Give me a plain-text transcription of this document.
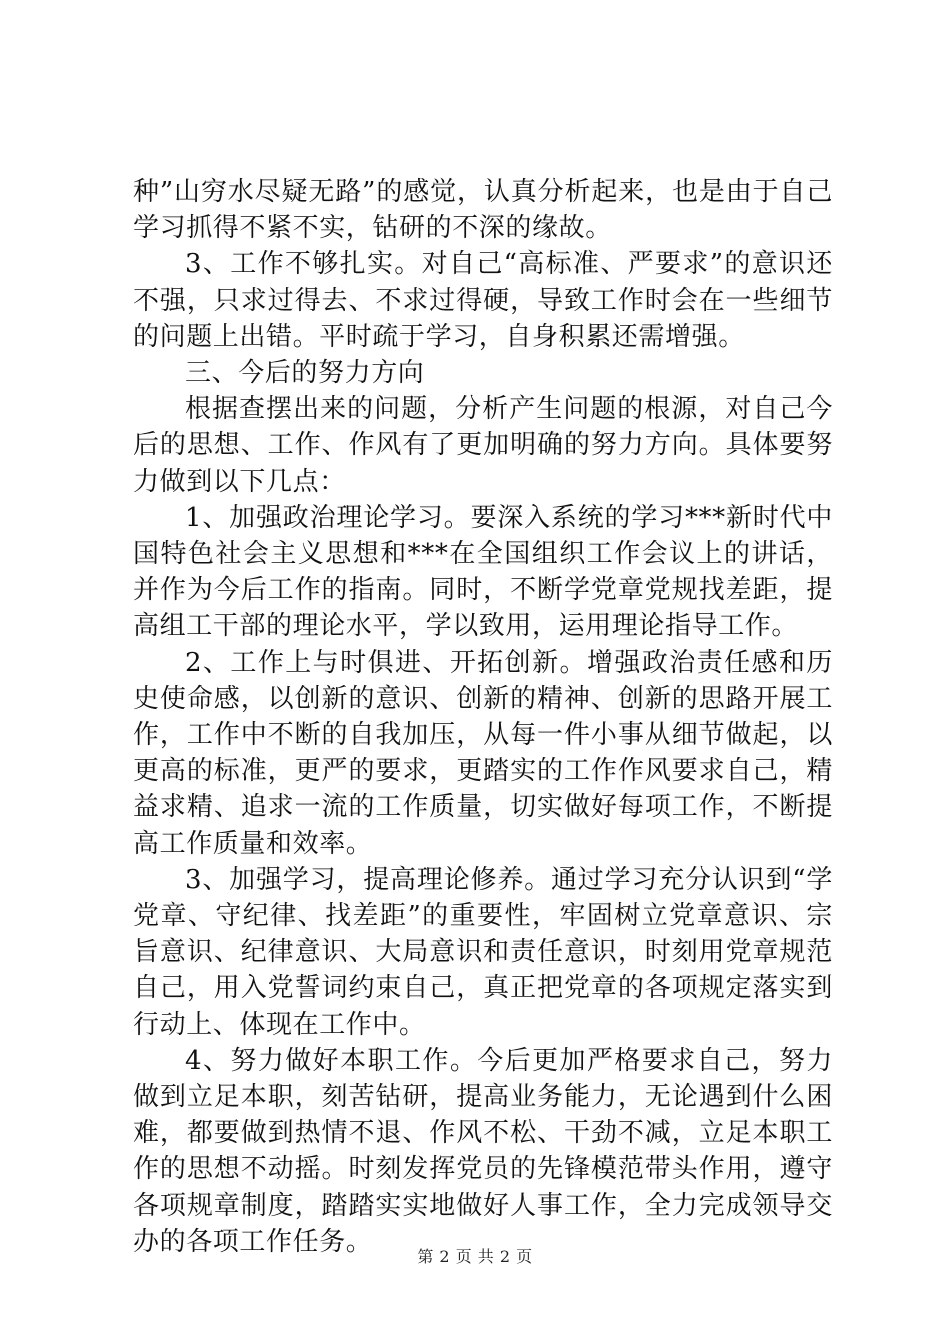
种”山穷水尽疑无路”的感觉，认真分析起来，也是由于自己学习抓得不紧不实，钻研的不深的缘故。

3、工作不够扎实。对自己“高标准、严要求”的意识还不强，只求过得去、不求过得硬，导致工作时会在一些细节的问题上出错。平时疏于学习，自身积累还需增强。

三、今后的努力方向

根据查摆出来的问题，分析产生问题的根源，对自己今后的思想、工作、作风有了更加明确的努力方向。具体要努力做到以下几点：

1、加强政治理论学习。要深入系统的学习***新时代中国特色社会主义思想和***在全国组织工作会议上的讲话，并作为今后工作的指南。同时，不断学党章党规找差距，提高组工干部的理论水平，学以致用，运用理论指导工作。

2、工作上与时俱进、开拓创新。增强政治责任感和历史使命感，以创新的意识、创新的精神、创新的思路开展工作，工作中不断的自我加压，从每一件小事从细节做起，以更高的标准，更严的要求，更踏实的工作作风要求自己，精益求精、追求一流的工作质量，切实做好每项工作，不断提高工作质量和效率。

3、加强学习，提高理论修养。通过学习充分认识到“学党章、守纪律、找差距”的重要性，牢固树立党章意识、宗旨意识、纪律意识、大局意识和责任意识，时刻用党章规范自己，用入党誓词约束自己，真正把党章的各项规定落实到行动上、体现在工作中。

4、努力做好本职工作。今后更加严格要求自己，努力做到立足本职，刻苦钻研，提高业务能力，无论遇到什么困难，都要做到热情不退、作风不松、干劲不减，立足本职工作的思想不动摇。时刻发挥党员的先锋模范带头作用，遵守各项规章制度，踏踏实实地做好人事工作，全力完成领导交办的各项工作任务。	第 2 页 共 2 页
